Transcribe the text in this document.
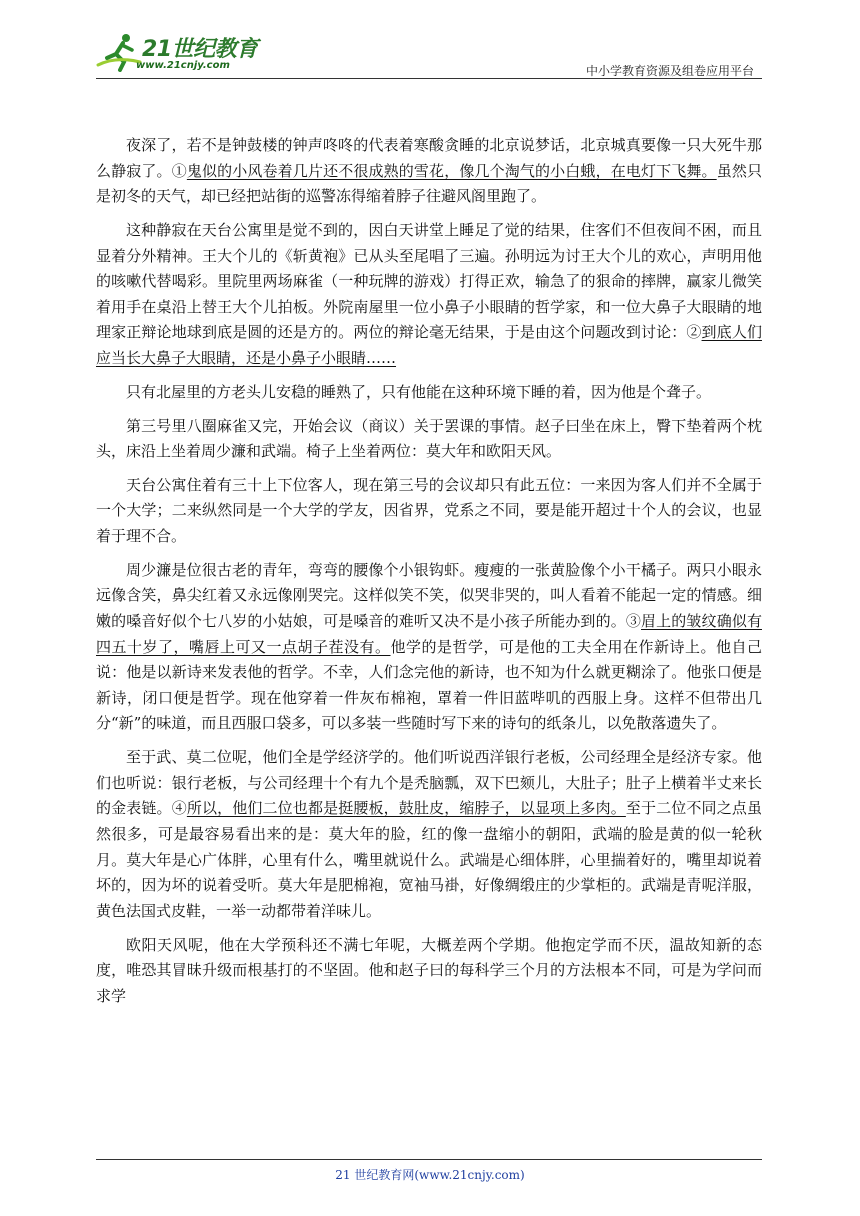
21世纪教育
www.21cnjy.com	中小学教育资源及组卷应用平台

夜深了，若不是钟鼓楼的钟声咚咚的代表着寒酸贪睡的北京说梦话，北京城真要像一只大死牛那么静寂了。①鬼似的小风卷着几片还不很成熟的雪花，像几个淘气的小白蛾，在电灯下飞舞。虽然只是初冬的天气，却已经把站街的巡警冻得缩着脖子往避风阁里跑了。

这种静寂在天台公寓里是觉不到的，因白天讲堂上睡足了觉的结果，住客们不但夜间不困，而且显着分外精神。王大个儿的《斩黄袍》已从头至尾唱了三遍。孙明远为讨王大个儿的欢心，声明用他的咳嗽代替喝彩。里院里两场麻雀（一种玩牌的游戏）打得正欢，输急了的狠命的摔牌，赢家儿微笑着用手在桌沿上替王大个儿拍板。外院南屋里一位小鼻子小眼睛的哲学家，和一位大鼻子大眼睛的地理家正辩论地球到底是圆的还是方的。两位的辩论毫无结果，于是由这个问题改到讨论：②到底人们应当长大鼻子大眼睛，还是小鼻子小眼睛……

只有北屋里的方老头儿安稳的睡熟了，只有他能在这种环境下睡的着，因为他是个聋子。

第三号里八圈麻雀又完，开始会议（商议）关于罢课的事情。赵子曰坐在床上，臀下垫着两个枕头，床沿上坐着周少濂和武端。椅子上坐着两位：莫大年和欧阳天风。

天台公寓住着有三十上下位客人，现在第三号的会议却只有此五位：一来因为客人们并不全属于一个大学；二来纵然同是一个大学的学友，因省界，党系之不同，要是能开超过十个人的会议，也显着于理不合。

周少濂是位很古老的青年，弯弯的腰像个小银钩虾。瘦瘦的一张黄脸像个小干橘子。两只小眼永远像含笑，鼻尖红着又永远像刚哭完。这样似笑不笑，似哭非哭的，叫人看着不能起一定的情感。细嫩的嗓音好似个七八岁的小姑娘，可是嗓音的难听又决不是小孩子所能办到的。③眉上的皱纹确似有四五十岁了，嘴唇上可又一点胡子茬没有。他学的是哲学，可是他的工夫全用在作新诗上。他自己说：他是以新诗来发表他的哲学。不幸，人们念完他的新诗，也不知为什么就更糊涂了。他张口便是新诗，闭口便是哲学。现在他穿着一件灰布棉袍，罩着一件旧蓝哔叽的西服上身。这样不但带出几分“新”的味道，而且西服口袋多，可以多装一些随时写下来的诗句的纸条儿，以免散落遗失了。

至于武、莫二位呢，他们全是学经济学的。他们听说西洋银行老板，公司经理全是经济专家。他们也听说：银行老板，与公司经理十个有九个是秃脑瓢，双下巴颏儿，大肚子；肚子上横着半丈来长的金表链。④所以，他们二位也都是挺腰板，鼓肚皮，缩脖子，以显项上多肉。至于二位不同之点虽然很多，可是最容易看出来的是：莫大年的脸，红的像一盘缩小的朝阳，武端的脸是黄的似一轮秋月。莫大年是心广体胖，心里有什么，嘴里就说什么。武端是心细体胖，心里揣着好的，嘴里却说着坏的，因为坏的说着受听。莫大年是肥棉袍，宽袖马褂，好像绸缎庄的少掌柜的。武端是青呢洋服，黄色法国式皮鞋，一举一动都带着洋味儿。

欧阳天风呢，他在大学预科还不满七年呢，大概差两个学期。他抱定学而不厌，温故知新的态度，唯恐其冒昧升级而根基打的不坚固。他和赵子曰的每科学三个月的方法根本不同，可是为学问而求学

21 世纪教育网(www.21cnjy.com)
